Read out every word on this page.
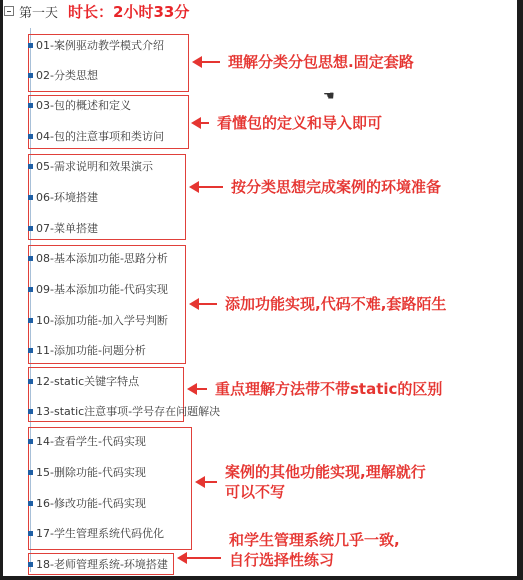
第一天 时长：2小时33分
01-案例驱动教学模式介绍
02-分类思想
03-包的概述和定义
04-包的注意事项和类访问
05-需求说明和效果演示
06-环境搭建
07-菜单搭建
08-基本添加功能-思路分析
09-基本添加功能-代码实现
10-添加功能-加入学号判断
11-添加功能-问题分析
12-static关键字特点
13-static注意事项-学号存在问题解决
14-查看学生-代码实现
15-删除功能-代码实现
16-修改功能-代码实现
17-学生管理系统代码优化
18-老师管理系统-环境搭建
理解分类分包思想.固定套路
看懂包的定义和导入即可
按分类思想完成案例的环境准备
添加功能实现,代码不难,套路陌生
重点理解方法带不带static的区别
案例的其他功能实现,理解就行
可以不写
和学生管理系统几乎一致,
自行选择性练习
☚
